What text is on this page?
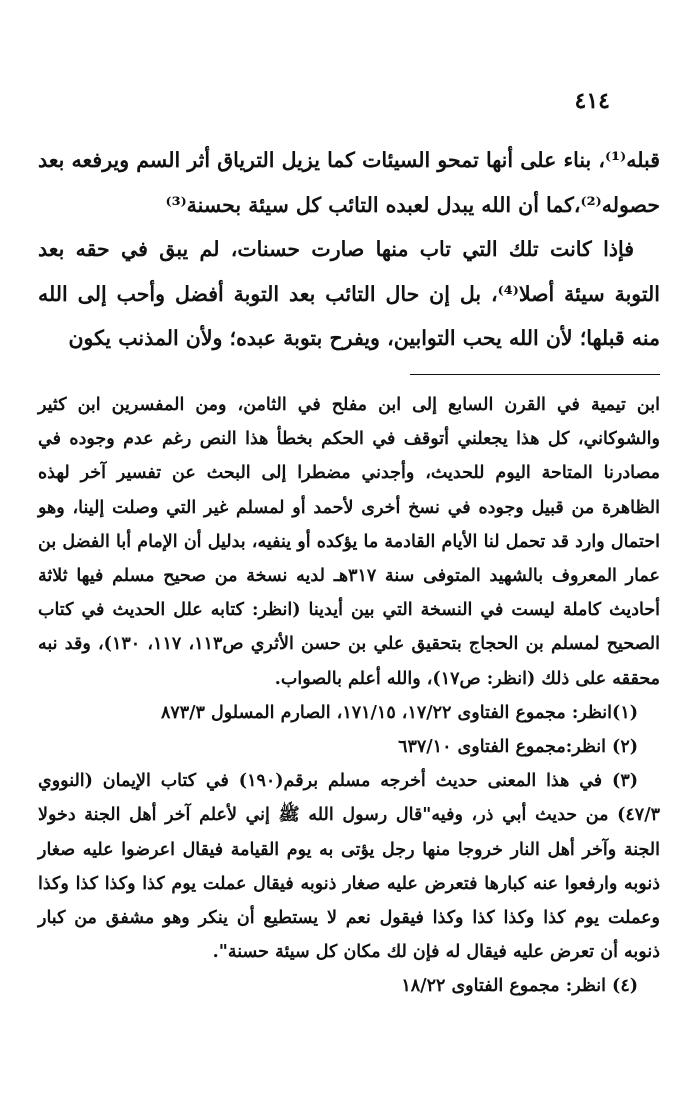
٤١٤

قبله⁽¹⁾، بناء على أنها تمحو السيئات كما يزيل الترياق أثر السم ويرفعه بعد حصوله⁽²⁾،كما أن الله يبدل لعبده التائب كل سيئة بحسنة⁽³⁾

فإذا كانت تلك التي تاب منها صارت حسنات، لم يبق في حقه بعد التوبة سيئة أصلا⁽⁴⁾، بل إن حال التائب بعد التوبة أفضل وأحب إلى الله منه قبلها؛ لأن الله يحب التوابين، ويفرح بتوبة عبده؛ ولأن المذنب يكون

ابن تيمية في القرن السابع إلى ابن مفلح في الثامن، ومن المفسرين ابن كثير والشوكاني، كل هذا يجعلني أتوقف في الحكم بخطأ هذا النص رغم عدم وجوده في مصادرنا المتاحة اليوم للحديث، وأجدني مضطرا إلى البحث عن تفسير آخر لهذه الظاهرة من قبيل وجوده في نسخ أخرى لأحمد أو لمسلم غير التي وصلت إلينا، وهو احتمال وارد قد تحمل لنا الأيام القادمة ما يؤكده أو ينفيه، بدليل أن الإمام أبا الفضل بن عمار المعروف بالشهيد المتوفى سنة ٣١٧هـ لديه نسخة من صحيح مسلم فيها ثلاثة أحاديث كاملة ليست في النسخة التي بين أيدينا (انظر: كتابه علل الحديث في كتاب الصحيح لمسلم بن الحجاج بتحقيق علي بن حسن الأثري ص١١٣، ١١٧، ١٣٠)، وقد نبه محققه على ذلك (انظر: ص١٧)، والله أعلم بالصواب.

(١)انظر: مجموع الفتاوى ١٧/٢٢، ١٧١/١٥، الصارم المسلول ٨٧٣/٣

(٢) انظر:مجموع الفتاوى ٦٣٧/١٠

(٣) في هذا المعنى حديث أخرجه مسلم برقم(١٩٠) في كتاب الإيمان (النووي ٤٧/٣) من حديث أبي ذر، وفيه"قال رسول الله ﷺ إني لأعلم آخر أهل الجنة دخولا الجنة وآخر أهل النار خروجا منها رجل يؤتى به يوم القيامة فيقال اعرضوا عليه صغار ذنوبه وارفعوا عنه كبارها فتعرض عليه صغار ذنوبه فيقال عملت يوم كذا وكذا كذا وكذا وعملت يوم كذا وكذا كذا وكذا فيقول نعم لا يستطيع أن ينكر وهو مشفق من كبار ذنوبه أن تعرض عليه فيقال له فإن لك مكان كل سيئة حسنة".

(٤) انظر: مجموع الفتاوى ١٨/٢٢
